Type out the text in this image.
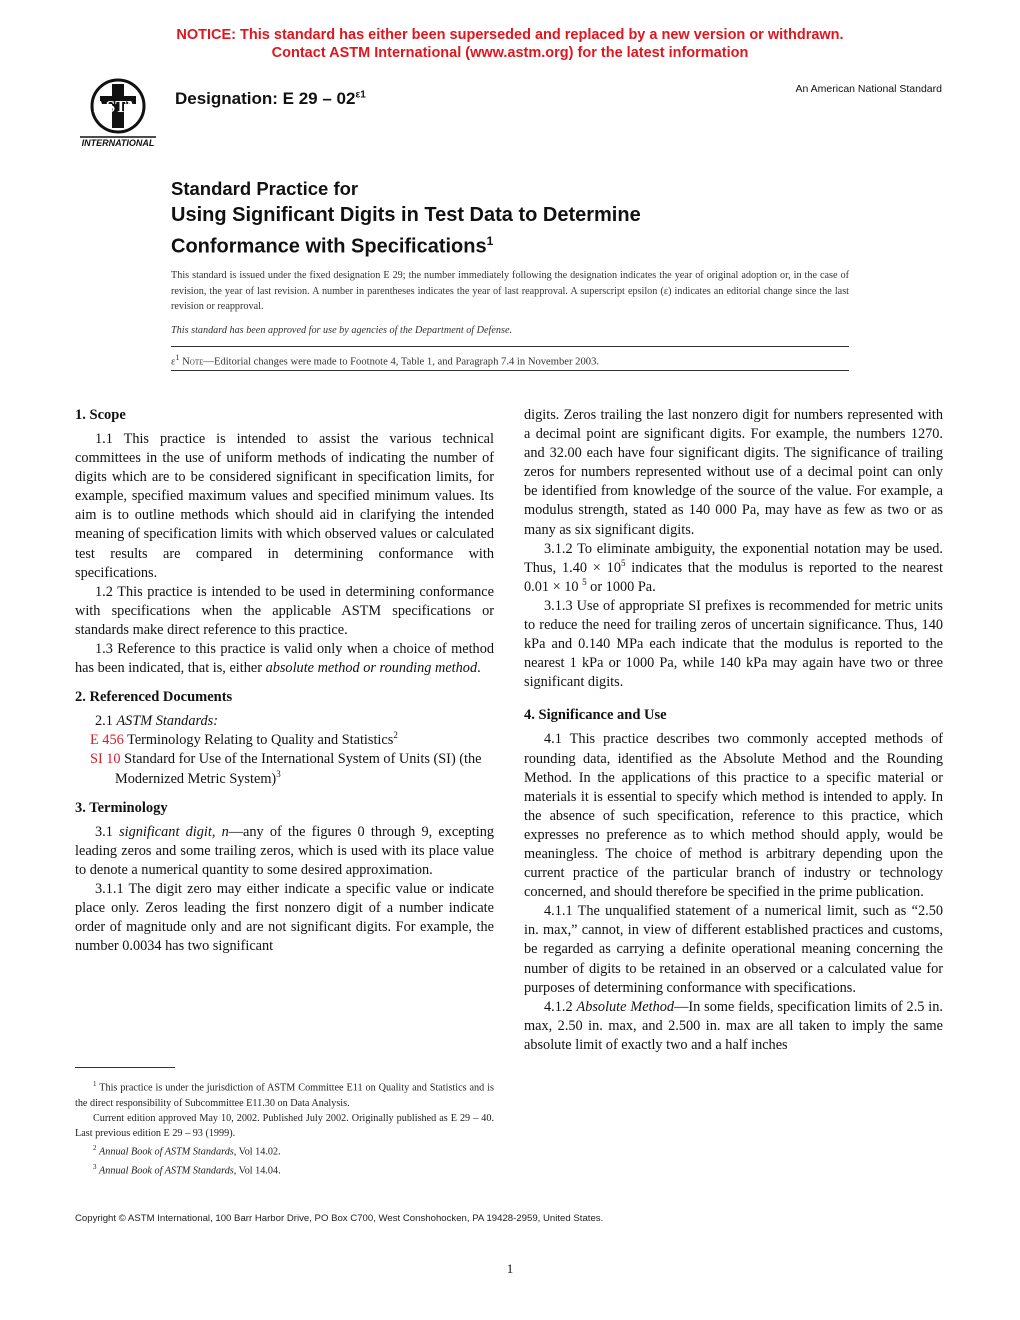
NOTICE: This standard has either been superseded and replaced by a new version or withdrawn.
Contact ASTM International (www.astm.org) for the latest information
ASTM
INTERNATIONAL
Designation: E $29 - 02^{\varepsilon 1}$	An American National Standard
Standard Practice for
Using Significant Digits in Test Data to Determine
Conformance with Specifications$^1$
This standard is issued under the fixed designation E 29; the number immediately following the designation indicates the year of original adoption or, in the case of revision, the year of last revision. A number in parentheses indicates the year of last reapproval. A superscript epsilon (ε) indicates an editorial change since the last revision or reapproval.
This standard has been approved for use by agencies of the Department of Defense.
$\varepsilon^1$ Note—Editorial changes were made to Footnote 4, Table 1, and Paragraph 7.4 in November 2003.
1. Scope

1.1 This practice is intended to assist the various technical committees in the use of uniform methods of indicating the number of digits which are to be considered significant in specification limits, for example, specified maximum values and specified minimum values. Its aim is to outline methods which should aid in clarifying the intended meaning of specification limits with which observed values or calculated test results are compared in determining conformance with specifications.

1.2 This practice is intended to be used in determining conformance with specifications when the applicable ASTM specifications or standards make direct reference to this practice.

1.3 Reference to this practice is valid only when a choice of method has been indicated, that is, either absolute method or rounding method.

2. Referenced Documents

2.1 ASTM Standards:

E 456 Terminology Relating to Quality and Statistics$^2$

SI 10 Standard for Use of the International System of Units (SI) (the Modernized Metric System)$^3$

3. Terminology

3.1 significant digit, n—any of the figures 0 through 9, excepting leading zeros and some trailing zeros, which is used with its place value to denote a numerical quantity to some desired approximation.

3.1.1 The digit zero may either indicate a specific value or indicate place only. Zeros leading the first nonzero digit of a number indicate order of magnitude only and are not significant digits. For example, the number 0.0034 has two significant

digits. Zeros trailing the last nonzero digit for numbers represented with a decimal point are significant digits. For example, the numbers 1270. and 32.00 each have four significant digits. The significance of trailing zeros for numbers represented without use of a decimal point can only be identified from knowledge of the source of the value. For example, a modulus strength, stated as 140 000 Pa, may have as few as two or as many as six significant digits.

3.1.2 To eliminate ambiguity, the exponential notation may be used. Thus, $1.40 \times 10^5$ indicates that the modulus is reported to the nearest 0.01 × 10 $^5$ or 1000 Pa.

3.1.3 Use of appropriate SI prefixes is recommended for metric units to reduce the need for trailing zeros of uncertain significance. Thus, 140 kPa and 0.140 MPa each indicate that the modulus is reported to the nearest 1 kPa or 1000 Pa, while 140 kPa may again have two or three significant digits.

4. Significance and Use

4.1 This practice describes two commonly accepted methods of rounding data, identified as the Absolute Method and the Rounding Method. In the applications of this practice to a specific material or materials it is essential to specify which method is intended to apply. In the absence of such specification, reference to this practice, which expresses no preference as to which method should apply, would be meaningless. The choice of method is arbitrary depending upon the current practice of the particular branch of industry or technology concerned, and should therefore be specified in the prime publication.

4.1.1 The unqualified statement of a numerical limit, such as “2.50 in. max,” cannot, in view of different established practices and customs, be regarded as carrying a definite operational meaning concerning the number of digits to be retained in an observed or a calculated value for purposes of determining conformance with specifications.

4.1.2 Absolute Method—In some fields, specification limits of 2.5 in. max, 2.50 in. max, and 2.500 in. max are all taken to imply the same absolute limit of exactly two and a half inches

$^1$ This practice is under the jurisdiction of ASTM Committee E11 on Quality and Statistics and is the direct responsibility of Subcommittee E11.30 on Data Analysis.

Current edition approved May 10, 2002. Published July 2002. Originally published as E 29 – 40. Last previous edition E 29 – 93 (1999).

$^2$ Annual Book of ASTM Standards, Vol 14.02.

$^3$ Annual Book of ASTM Standards, Vol 14.04.

Copyright © ASTM International, 100 Barr Harbor Drive, PO Box C700, West Conshohocken, PA 19428-2959, United States.
1
